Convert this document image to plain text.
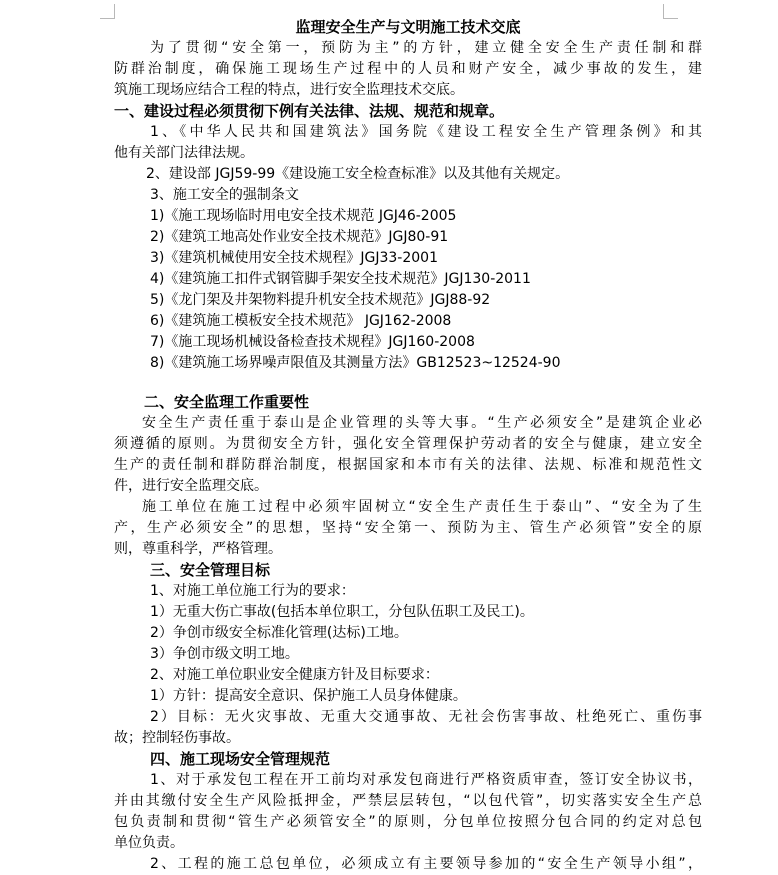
监理安全生产与文明施工技术交底
为了贯彻“安全第一，预防为主”的方针，建立健全安全生产责任制和群
防群治制度，确保施工现场生产过程中的人员和财产安全，减少事故的发生，建
筑施工现场应结合工程的特点，进行安全监理技术交底。
一、建设过程必须贯彻下例有关法律、法规、规范和规章。
1、《中华人民共和国建筑法》国务院《建设工程安全生产管理条例》和其
他有关部门法律法规。
2、建设部 JGJ59-99《建设施工安全检查标准》以及其他有关规定。
3、施工安全的强制条文
1)《施工现场临时用电安全技术规范 JGJ46-2005
2)《建筑工地高处作业安全技术规范》JGJ80-91
3)《建筑机械使用安全技术规程》JGJ33-2001
4)《建筑施工扣件式钢管脚手架安全技术规范》JGJ130-2011
5)《龙门架及井架物料提升机安全技术规范》JGJ88-92
6)《建筑施工模板安全技术规范》 JGJ162-2008
7)《施工现场机械设备检查技术规程》JGJ160-2008
8)《建筑施工场界噪声限值及其测量方法》GB12523~12524-90
二、安全监理工作重要性
安全生产责任重于泰山是企业管理的头等大事。“生产必须安全”是建筑企业必
须遵循的原则。为贯彻安全方针，强化安全管理保护劳动者的安全与健康，建立安全
生产的责任制和群防群治制度，根据国家和本市有关的法律、法规、标准和规范性文
件，进行安全监理交底。
施工单位在施工过程中必须牢固树立“安全生产责任生于泰山”、“安全为了生
产，生产必须安全”的思想，坚持“安全第一、预防为主、管生产必须管”安全的原
则，尊重科学，严格管理。
三、安全管理目标
1、对施工单位施工行为的要求：
1）无重大伤亡事故(包括本单位职工，分包队伍职工及民工)。
2）争创市级安全标准化管理(达标)工地。
3）争创市级文明工地。
2、对施工单位职业安全健康方针及目标要求：
1）方针：提高安全意识、保护施工人员身体健康。
2）目标：无火灾事故、无重大交通事故、无社会伤害事故、杜绝死亡、重伤事
故；控制轻伤事故。
四、施工现场安全管理规范
1、对于承发包工程在开工前均对承发包商进行严格资质审查，签订安全协议书，
并由其缴付安全生产风险抵押金，严禁层层转包，“以包代管”，切实落实安全生产总
包负责制和贯彻“管生产必须管安全”的原则，分包单位按照分包合同的约定对总包
单位负责。
2、工程的施工总包单位，必须成立有主要领导参加的“安全生产领导小组”，
